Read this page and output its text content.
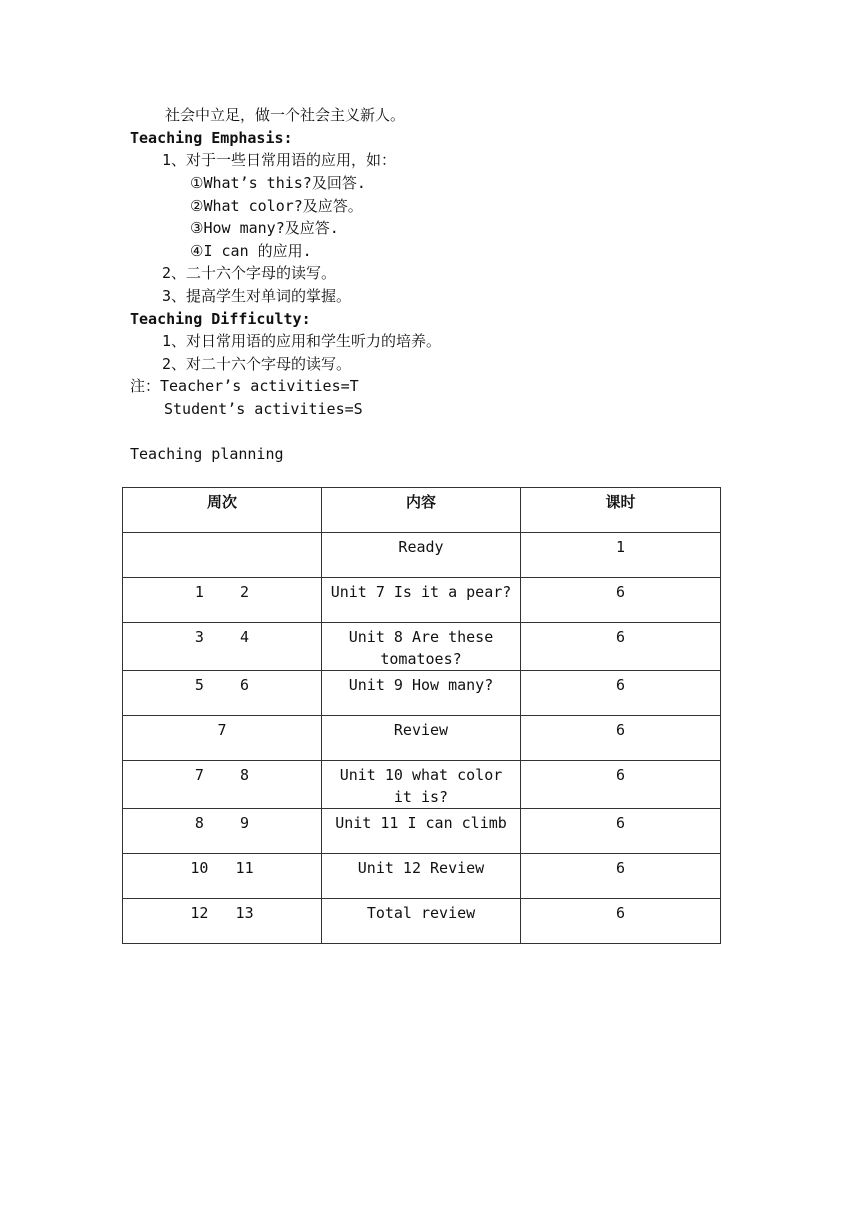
社会中立足，做一个社会主义新人。
Teaching Emphasis:
1、对于一些日常用语的应用，如：
①What’s this?及回答.
②What color?及应答。
③How many?及应答.
④I can 的应用.
2、二十六个字母的读写。
3、提高学生对单词的掌握。
Teaching Difficulty:
1、对日常用语的应用和学生听力的培养。
2、对二十六个字母的读写。
注：Teacher’s activities=T
Student’s activities=S
Teaching planning
周次	内容	课时
	Ready	1
1    2	Unit 7 Is it a pear?	6
3    4	Unit 8 Are these tomatoes?	6
5    6	Unit 9 How many?	6
7	Review	6
7    8	Unit 10 what color it is?	6
8    9	Unit 11 I can climb	6
10   11	Unit 12 Review	6
12   13	Total review	6
